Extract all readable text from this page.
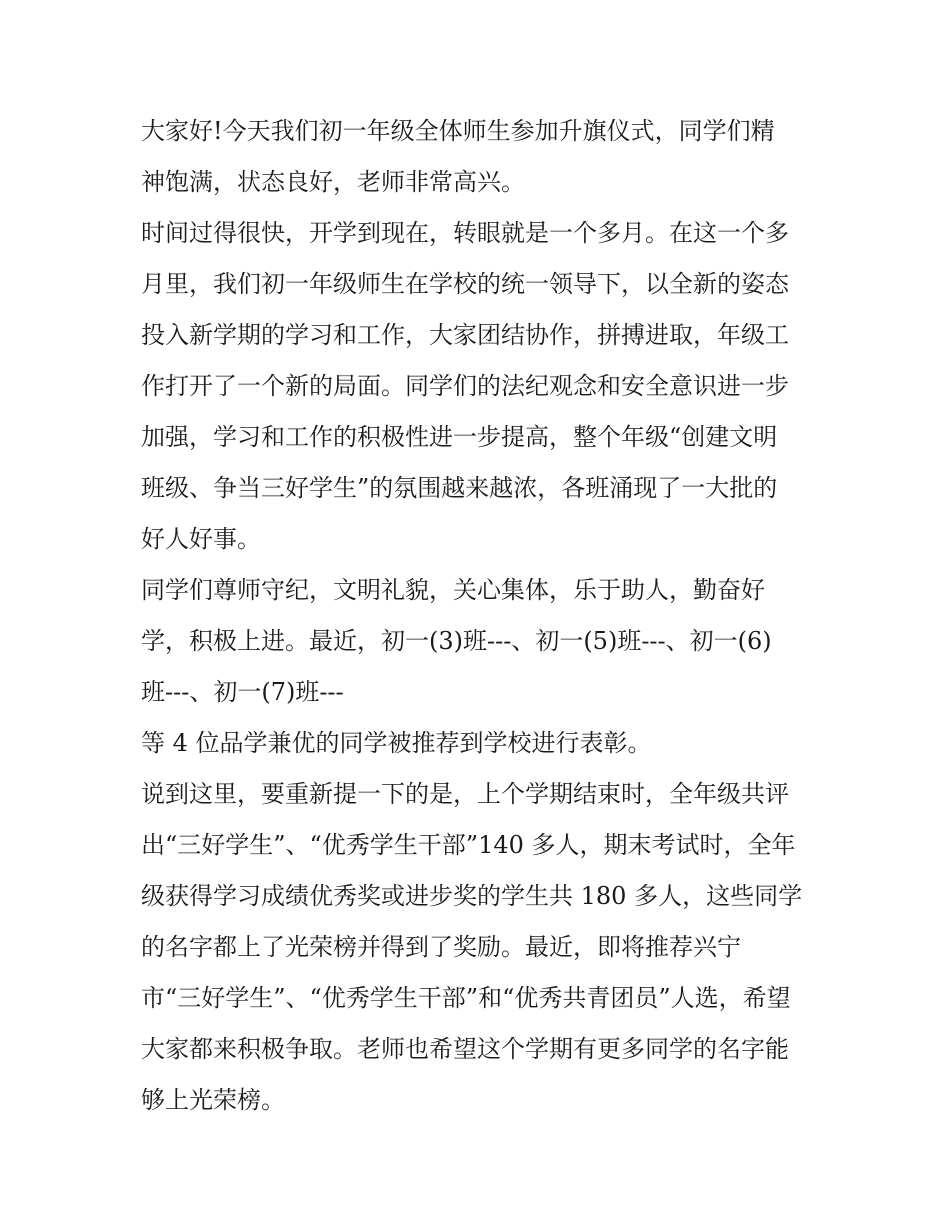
大家好!今天我们初一年级全体师生参加升旗仪式，同学们精
神饱满，状态良好，老师非常高兴。

时间过得很快，开学到现在，转眼就是一个多月。在这一个多
月里，我们初一年级师生在学校的统一领导下，以全新的姿态
投入新学期的学习和工作，大家团结协作，拼搏进取，年级工
作打开了一个新的局面。同学们的法纪观念和安全意识进一步
加强，学习和工作的积极性进一步提高，整个年级“创建文明
班级、争当三好学生”的氛围越来越浓，各班涌现了一大批的
好人好事。

同学们尊师守纪，文明礼貌，关心集体，乐于助人，勤奋好
学，积极上进。最近，初一(3)班---、初一(5)班---、初一(6)
班---、初一(7)班---

等 4 位品学兼优的同学被推荐到学校进行表彰。

说到这里，要重新提一下的是，上个学期结束时，全年级共评
出“三好学生”、“优秀学生干部”140 多人，期末考试时，全年
级获得学习成绩优秀奖或进步奖的学生共 180 多人，这些同学
的名字都上了光荣榜并得到了奖励。最近，即将推荐兴宁
市“三好学生”、“优秀学生干部”和“优秀共青团员”人选，希望
大家都来积极争取。老师也希望这个学期有更多同学的名字能
够上光荣榜。
